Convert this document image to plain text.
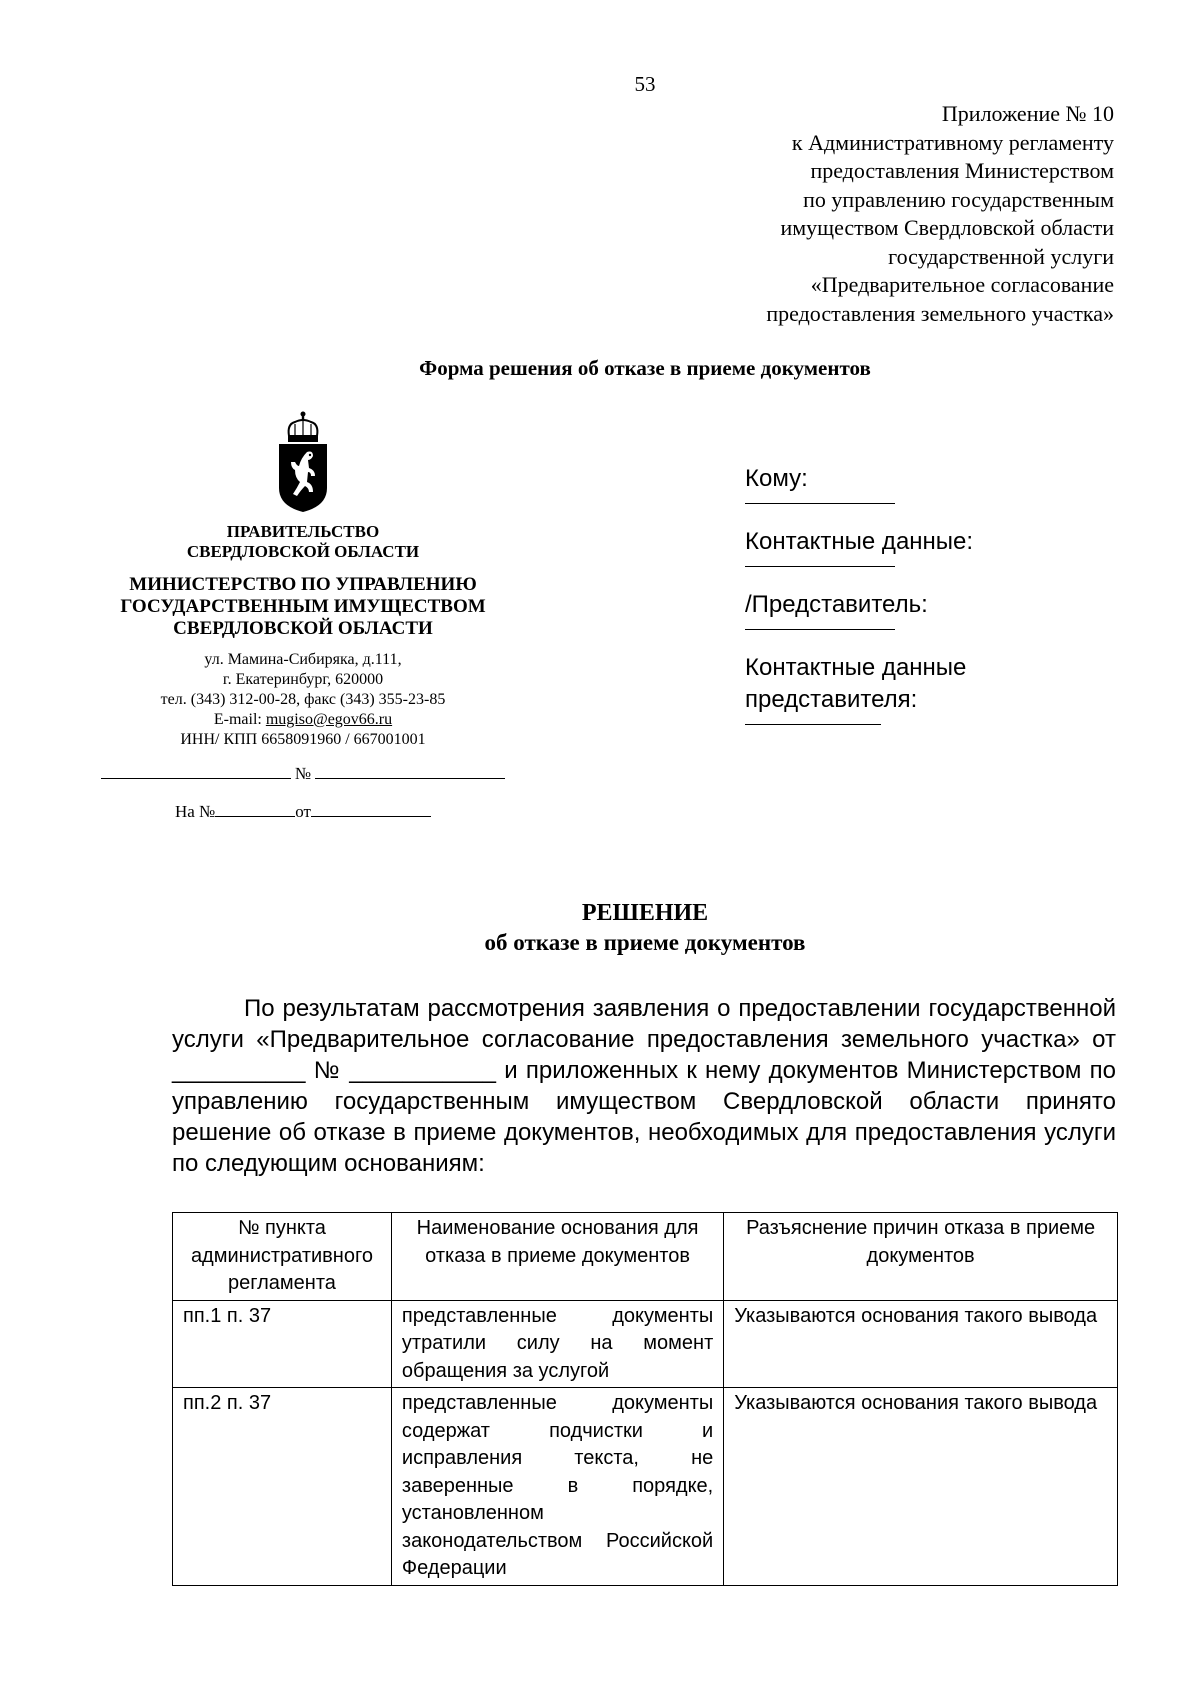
53
Приложение № 10
к Административному регламенту
предоставления Министерством
по управлению государственным
имуществом Свердловской области
государственной услуги
«Предварительное согласование
предоставления земельного участка»
Форма решения об отказе в приеме документов
ПРАВИТЕЛЬСТВО
СВЕРДЛОВСКОЙ ОБЛАСТИ
МИНИСТЕРСТВО ПО УПРАВЛЕНИЮ
ГОСУДАРСТВЕННЫМ ИМУЩЕСТВОМ
СВЕРДЛОВСКОЙ ОБЛАСТИ
ул. Мамина-Сибиряка, д.111,
г. Екатеринбург, 620000
тел. (343) 312-00-28, факс (343) 355-23-85
E-mail: mugiso@egov66.ru
ИНН/ КПП 6658091960 / 667001001
№
На №	от
Кому:
Контактные данные:
/Представитель:
Контактные данные
представителя:
РЕШЕНИЕ
об отказе в приеме документов
По результатам рассмотрения заявления о предоставлении государственной услуги «Предварительное согласование предоставления земельного участка» от __________ № ___________ и приложенных к нему документов Министерством по управлению государственным имуществом Свердловской области принято решение об отказе в приеме документов, необходимых для предоставления услуги по следующим основаниям:
№ пункта административного регламента	Наименование основания для отказа в приеме документов	Разъяснение причин отказа в приеме документов
пп.1 п. 37	представленные документы утратили силу на момент обращения за услугой	Указываются основания такого вывода
пп.2 п. 37	представленные документы содержат подчистки и исправления текста, не заверенные в порядке, установленном законодательством Российской Федерации	Указываются основания такого вывода
